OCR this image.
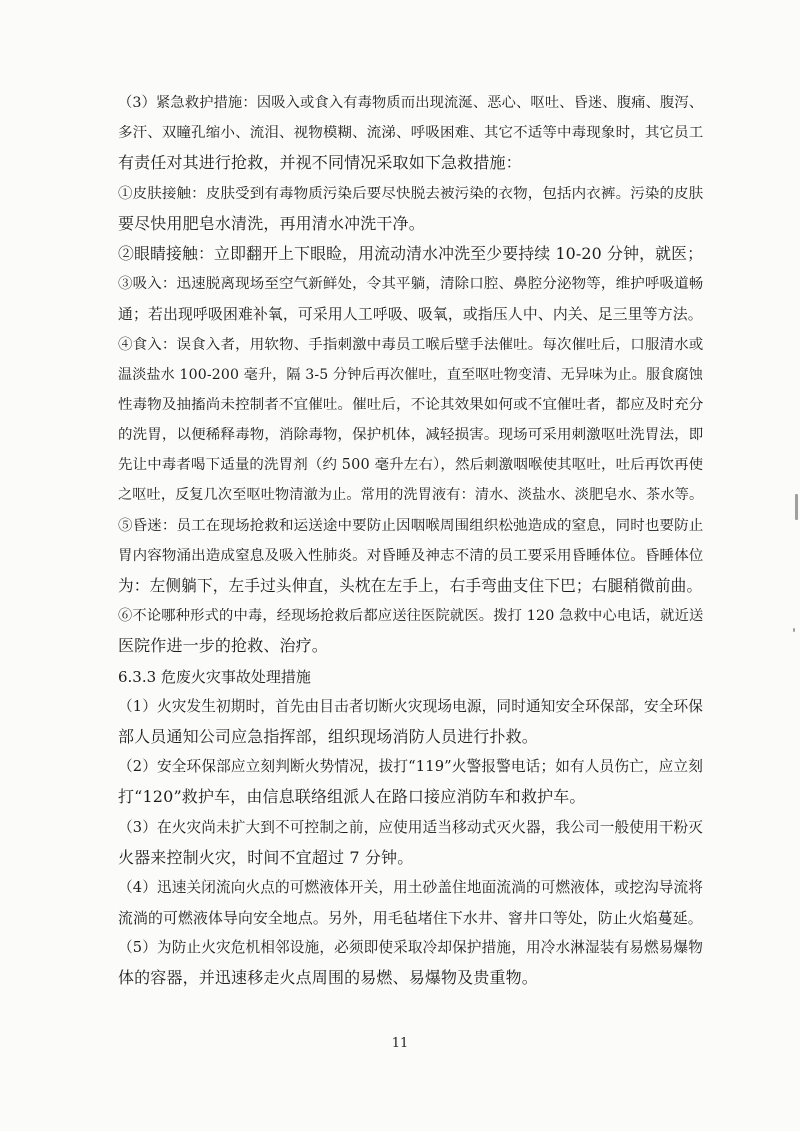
（3）紧急救护措施：因吸入或食入有毒物质而出现流涎、恶心、呕吐、昏迷、腹痛、腹泻、
多汗、双瞳孔缩小、流泪、视物模糊、流涕、呼吸困难、其它不适等中毒现象时，其它员工
有责任对其进行抢救，并视不同情况采取如下急救措施：
①皮肤接触：皮肤受到有毒物质污染后要尽快脱去被污染的衣物，包括内衣裤。污染的皮肤
要尽快用肥皂水清洗，再用清水冲洗干净。
②眼睛接触：立即翻开上下眼睑，用流动清水冲洗至少要持续 10-20 分钟，就医；
③吸入：迅速脱离现场至空气新鲜处，令其平躺，清除口腔、鼻腔分泌物等，维护呼吸道畅
通；若出现呼吸困难补氧，可采用人工呼吸、吸氧，或指压人中、内关、足三里等方法。
④食入：误食入者，用软物、手指刺激中毒员工喉后壁手法催吐。每次催吐后，口服清水或
温淡盐水 100-200 毫升，隔 3-5 分钟后再次催吐，直至呕吐物变清、无异味为止。服食腐蚀
性毒物及抽搐尚未控制者不宜催吐。催吐后，不论其效果如何或不宜催吐者，都应及时充分
的洗胃，以便稀释毒物，消除毒物，保护机体，减轻损害。现场可采用刺激呕吐洗胃法，即
先让中毒者喝下适量的洗胃剂（约 500 毫升左右），然后刺激咽喉使其呕吐，吐后再饮再使
之呕吐，反复几次至呕吐物清澈为止。常用的洗胃液有：清水、淡盐水、淡肥皂水、茶水等。
⑤昏迷：员工在现场抢救和运送途中要防止因咽喉周围组织松弛造成的窒息，同时也要防止
胃内容物涌出造成窒息及吸入性肺炎。对昏睡及神志不清的员工要采用昏睡体位。昏睡体位
为：左侧躺下，左手过头伸直，头枕在左手上，右手弯曲支住下巴；右腿稍微前曲。
⑥不论哪种形式的中毒，经现场抢救后都应送往医院就医。拨打 120 急救中心电话，就近送
医院作进一步的抢救、治疗。
6.3.3 危废火灾事故处理措施
（1）火灾发生初期时，首先由目击者切断火灾现场电源，同时通知安全环保部，安全环保
部人员通知公司应急指挥部，组织现场消防人员进行扑救。
（2）安全环保部应立刻判断火势情况，拔打“119”火警报警电话；如有人员伤亡，应立刻
打“120”救护车，由信息联络组派人在路口接应消防车和救护车。
（3）在火灾尚未扩大到不可控制之前，应使用适当移动式灭火器，我公司一般使用干粉灭
火器来控制火灾，时间不宜超过 7 分钟。
（4）迅速关闭流向火点的可燃液体开关，用土砂盖住地面流淌的可燃液体，或挖沟导流将
流淌的可燃液体导向安全地点。另外，用毛毡堵住下水井、窨井口等处，防止火焰蔓延。
（5）为防止火灾危机相邻设施，必须即使采取冷却保护措施，用冷水淋湿装有易燃易爆物
体的容器，并迅速移走火点周围的易燃、易爆物及贵重物。
11
